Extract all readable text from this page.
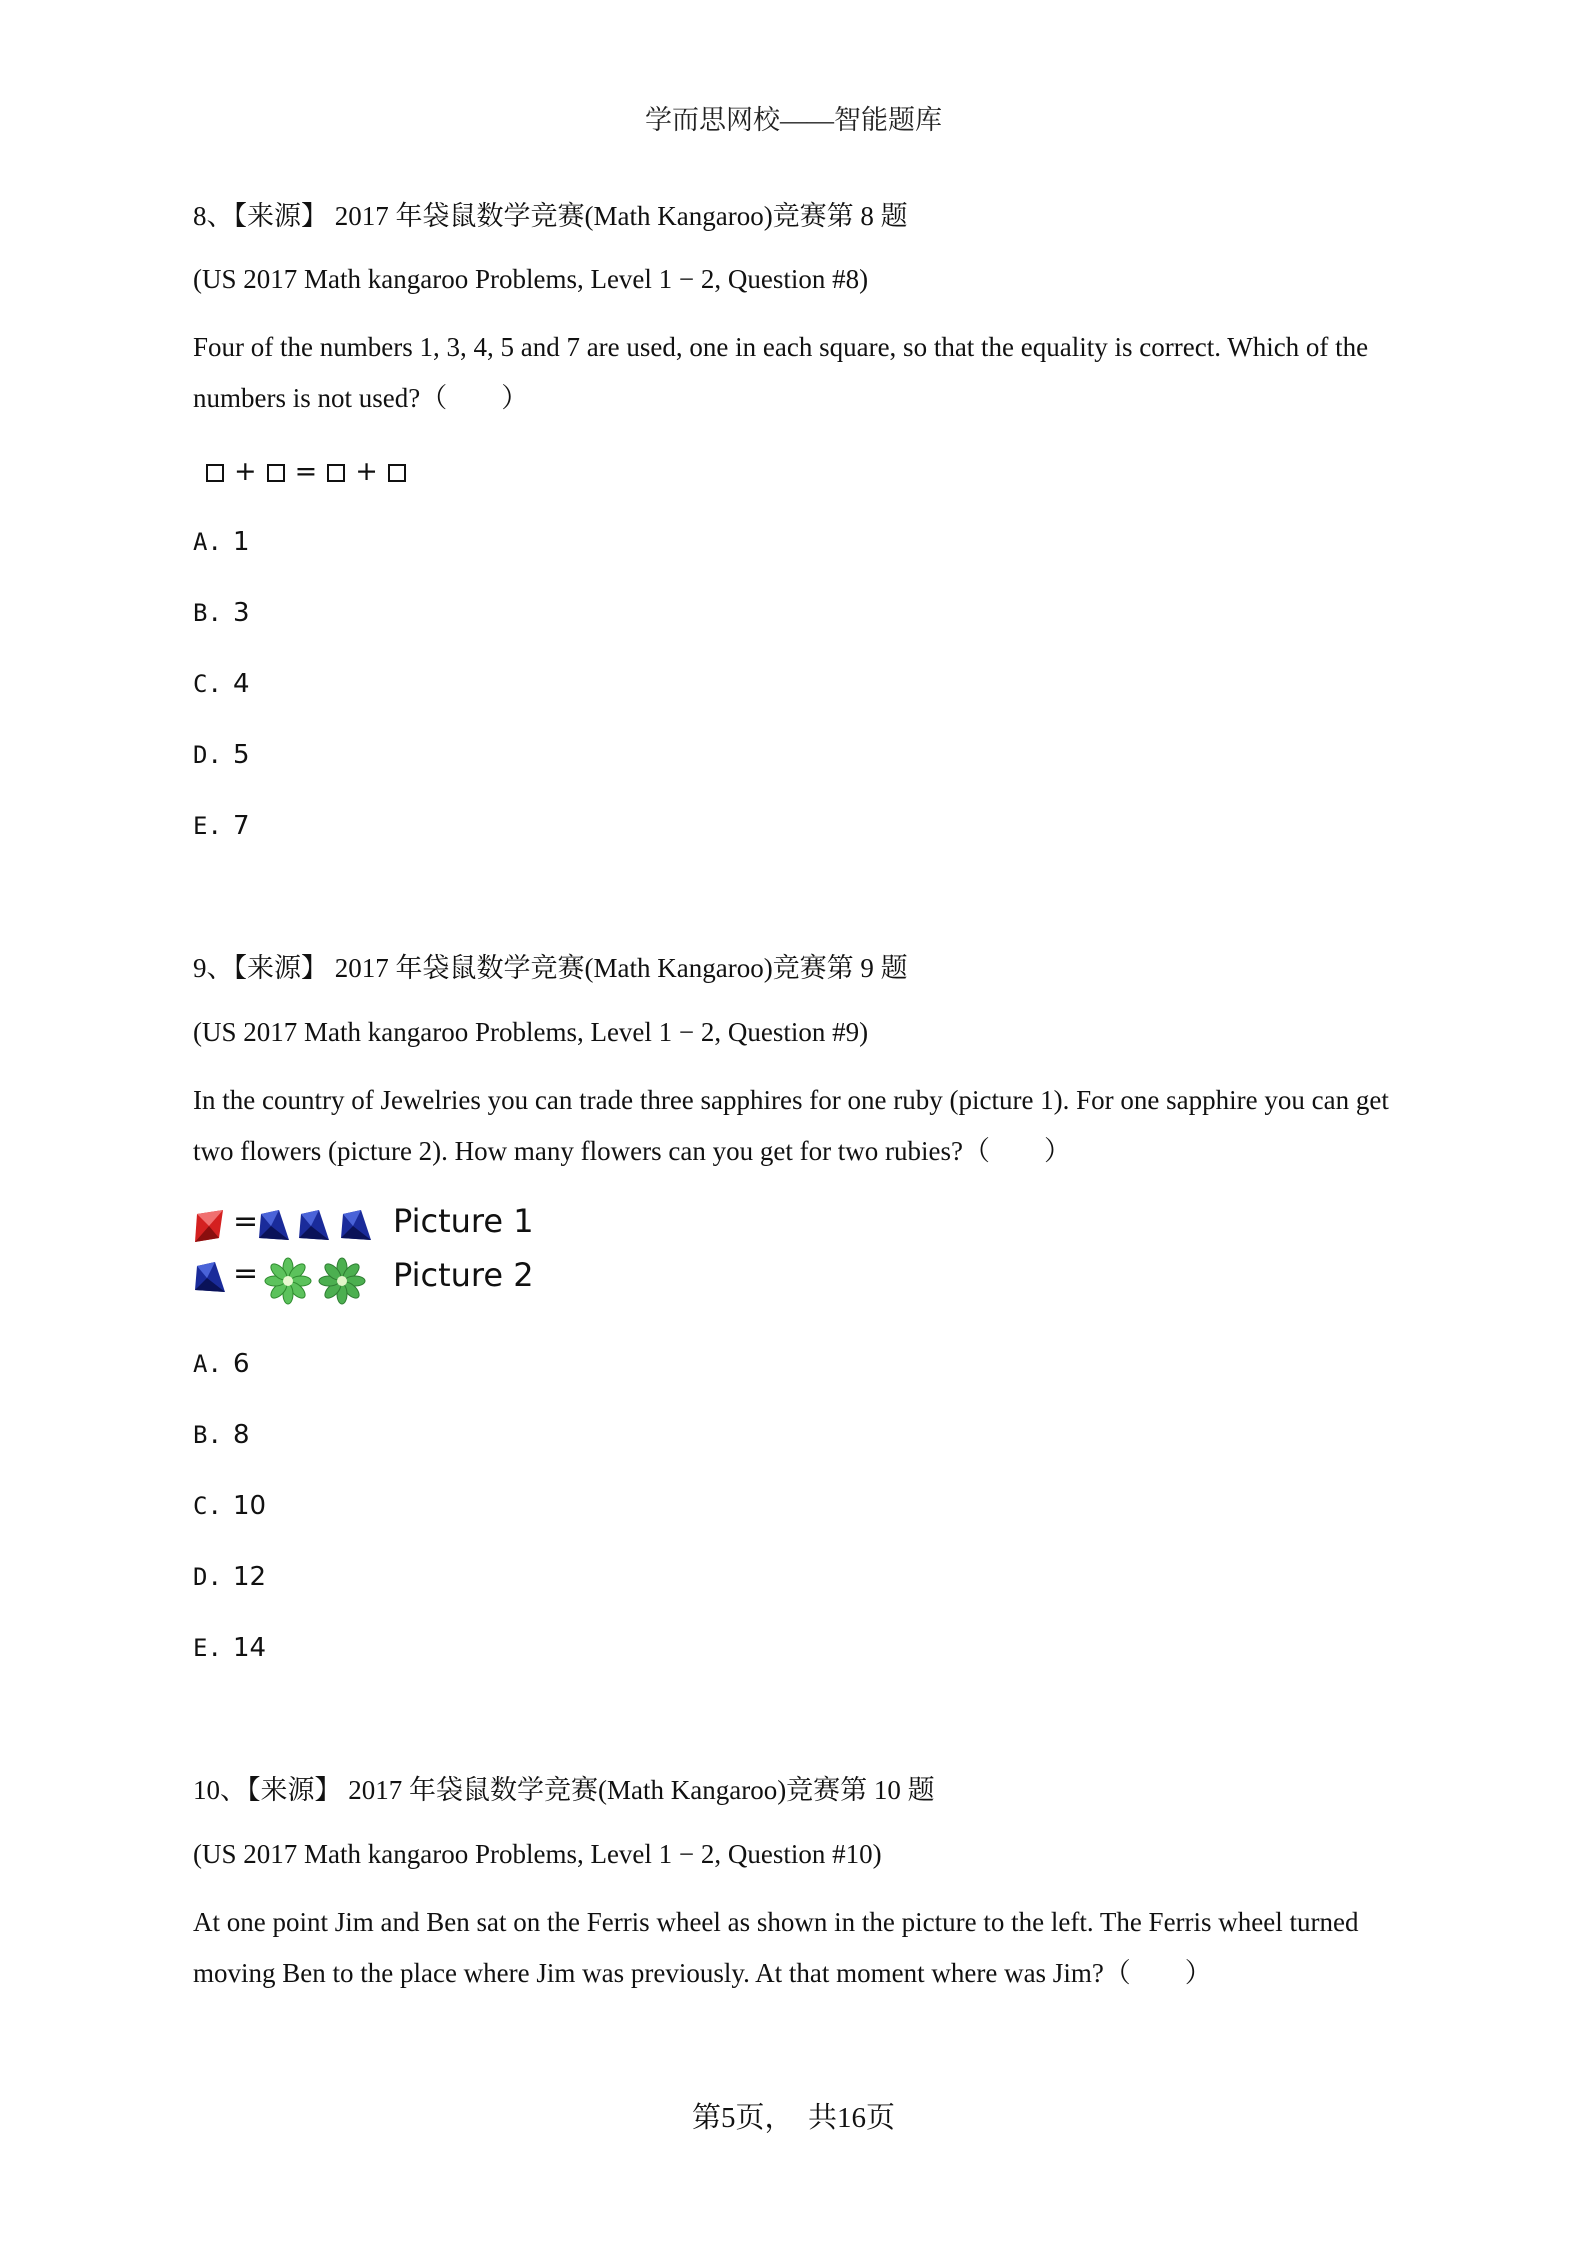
学而思网校——智能题库
8、【来源】 2017 年袋鼠数学竞赛(Math Kangaroo)竞赛第 8 题
(US 2017 Math kangaroo Problems, Level 1 − 2, Question #8)
Four of the numbers 1, 3, 4, 5 and 7 are used, one in each square, so that the equality is correct. Which of the numbers is not used?（　　）
+ = +
A. 1
B. 3
C. 4
D. 5
E. 7
9、【来源】 2017 年袋鼠数学竞赛(Math Kangaroo)竞赛第 9 题
(US 2017 Math kangaroo Problems, Level 1 − 2, Question #9)
In the country of Jewelries you can trade three sapphires for one ruby (picture 1). For one sapphire you can get two flowers (picture 2). How many flowers can you get for two rubies?（　　）
=	Picture 1
=	Picture 2
A. 6
B. 8
C. 10
D. 12
E. 14
10、【来源】 2017 年袋鼠数学竞赛(Math Kangaroo)竞赛第 10 题
(US 2017 Math kangaroo Problems, Level 1 − 2, Question #10)
At one point Jim and Ben sat on the Ferris wheel as shown in the picture to the left. The Ferris wheel turned moving Ben to the place where Jim was previously. At that moment where was Jim?（　　）
第5页，　共16页
